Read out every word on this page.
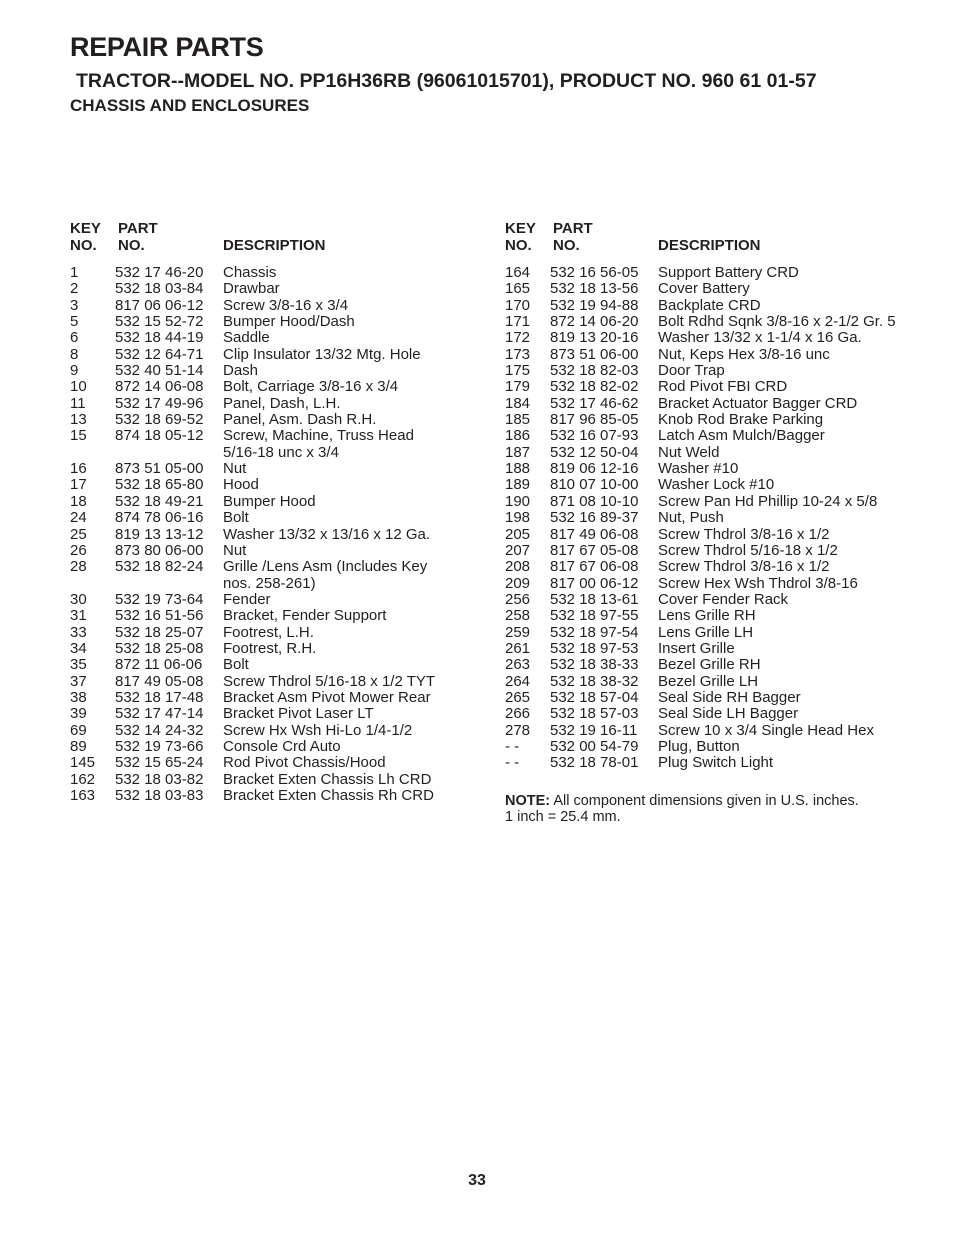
REPAIR PARTS
TRACTOR--MODEL NO. PP16H36RB (96061015701), PRODUCT NO. 960 61 01-57
CHASSIS AND ENCLOSURES
KEY
NO.
PART
NO.	DESCRIPTION
1 532 17 46-20 Chassis
2 532 18 03-84 Drawbar
3 817 06 06-12 Screw 3/8-16 x 3/4
5 532 15 52-72 Bumper Hood/Dash
6 532 18 44-19 Saddle
8 532 12 64-71 Clip Insulator 13/32 Mtg. Hole
9 532 40 51-14 Dash
10 872 14 06-08 Bolt, Carriage 3/8-16 x 3/4
11 532 17 49-96 Panel, Dash, L.H.
13 532 18 69-52 Panel, Asm. Dash R.H.
15 874 18 05-12 Screw, Machine, Truss Head
5/16-18 unc x 3/4
16 873 51 05-00 Nut
17 532 18 65-80 Hood
18 532 18 49-21 Bumper Hood
24 874 78 06-16 Bolt
25 819 13 13-12 Washer 13/32 x 13/16 x 12 Ga.
26 873 80 06-00 Nut
28 532 18 82-24 Grille /Lens Asm (Includes Key
nos. 258-261)
30 532 19 73-64 Fender
31 532 16 51-56 Bracket, Fender Support
33 532 18 25-07 Footrest, L.H.
34 532 18 25-08 Footrest, R.H.
35 872 11 06-06 Bolt
37 817 49 05-08 Screw Thdrol 5/16-18 x 1/2 TYT
38 532 18 17-48 Bracket Asm Pivot Mower Rear
39 532 17 47-14 Bracket Pivot Laser LT
69 532 14 24-32 Screw Hx Wsh Hi-Lo 1/4-1/2
89 532 19 73-66 Console Crd Auto
145 532 15 65-24 Rod Pivot Chassis/Hood
162 532 18 03-82 Bracket Exten Chassis Lh CRD
163 532 18 03-83 Bracket Exten Chassis Rh CRD
KEY
NO.
PART
NO.	DESCRIPTION
164 532 16 56-05 Support Battery CRD
165 532 18 13-56 Cover Battery
170 532 19 94-88 Backplate CRD
171 872 14 06-20 Bolt Rdhd Sqnk 3/8-16 x 2-1/2 Gr. 5
172 819 13 20-16 Washer 13/32 x 1-1/4 x 16 Ga.
173 873 51 06-00 Nut, Keps Hex 3/8-16 unc
175 532 18 82-03 Door Trap
179 532 18 82-02 Rod Pivot FBI CRD
184 532 17 46-62 Bracket Actuator Bagger CRD
185 817 96 85-05 Knob Rod Brake Parking
186 532 16 07-93 Latch Asm Mulch/Bagger
187 532 12 50-04 Nut Weld
188 819 06 12-16 Washer #10
189 810 07 10-00 Washer Lock #10
190 871 08 10-10 Screw Pan Hd Phillip 10-24 x 5/8
198 532 16 89-37 Nut, Push
205 817 49 06-08 Screw Thdrol 3/8-16 x 1/2
207 817 67 05-08 Screw Thdrol 5/16-18 x 1/2
208 817 67 06-08 Screw Thdrol 3/8-16 x 1/2
209 817 00 06-12 Screw Hex Wsh Thdrol 3/8-16
256 532 18 13-61 Cover Fender Rack
258 532 18 97-55 Lens Grille RH
259 532 18 97-54 Lens Grille LH
261 532 18 97-53 Insert Grille
263 532 18 38-33 Bezel Grille RH
264 532 18 38-32 Bezel Grille LH
265 532 18 57-04 Seal Side RH Bagger
266 532 18 57-03 Seal Side LH Bagger
278 532 19 16-11 Screw 10 x 3/4 Single Head Hex
- - 532 00 54-79 Plug, Button
- - 532 18 78-01 Plug Switch Light
NOTE: All component dimensions given in U.S. inches.
1 inch = 25.4 mm.
33
